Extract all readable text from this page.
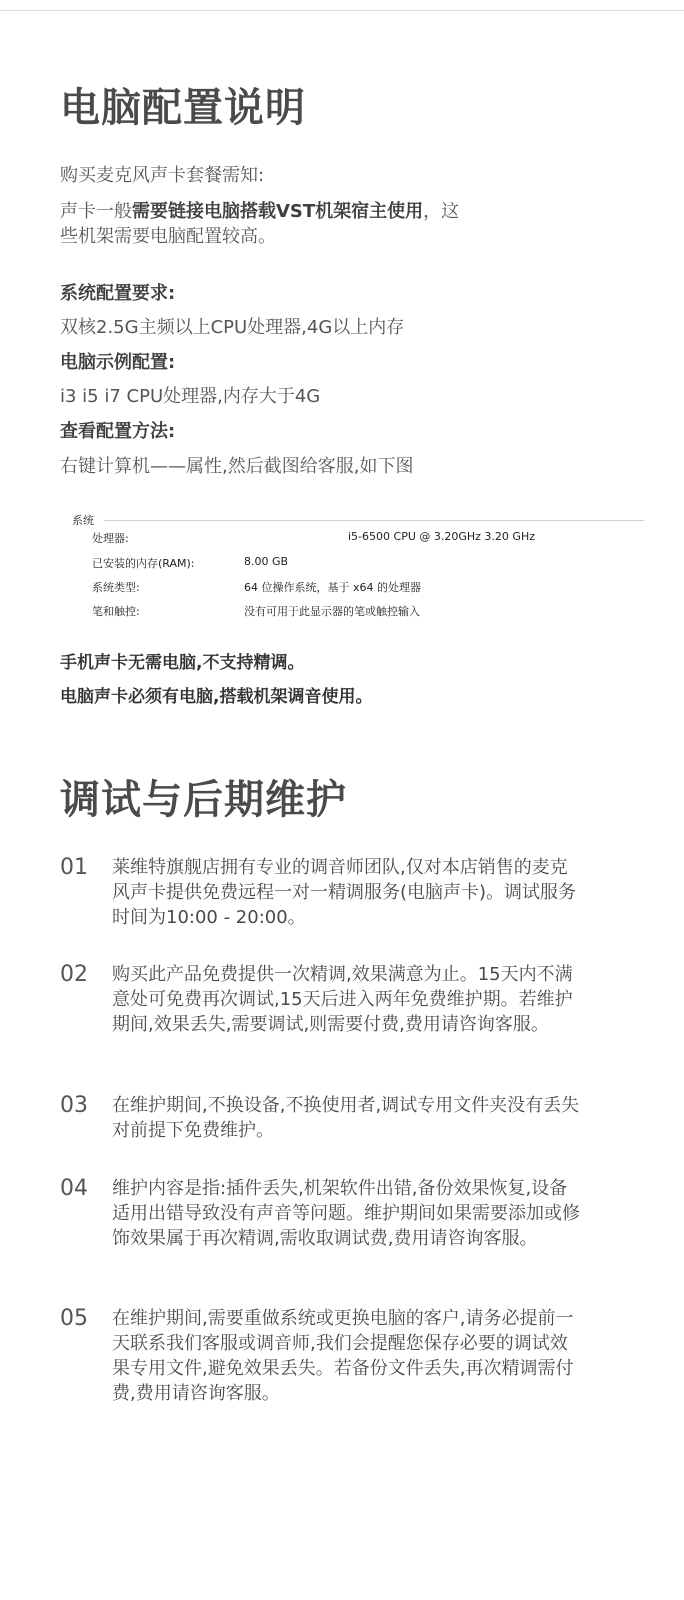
电脑配置说明
购买麦克风声卡套餐需知:
声卡一般需要链接电脑搭载VST机架宿主使用，这
些机架需要电脑配置较高。
系统配置要求:
双核2.5G主频以上CPU处理器,4G以上内存
电脑示例配置:
i3 i5 i7 CPU处理器,内存大于4G
查看配置方法:
右键计算机——属性,然后截图给客服,如下图
系统
处理器:	i5-6500 CPU @ 3.20GHz 3.20 GHz
已安装的内存(RAM):	8.00 GB
系统类型:	64 位操作系统，基于 x64 的处理器
笔和触控:	没有可用于此显示器的笔或触控输入
手机声卡无需电脑,不支持精调。
电脑声卡必须有电脑,搭载机架调音使用。
调试与后期维护
01 莱维特旗舰店拥有专业的调音师团队,仅对本店销售的麦克风声卡提供免费远程一对一精调服务(电脑声卡)。调试服务时间为10:00 - 20:00。
02 购买此产品免费提供一次精调,效果满意为止。15天内不满意处可免费再次调试,15天后进入两年免费维护期。若维护期间,效果丢失,需要调试,则需要付费,费用请咨询客服。
03 在维护期间,不换设备,不换使用者,调试专用文件夹没有丢失对前提下免费维护。
04 维护内容是指:插件丢失,机架软件出错,备份效果恢复,设备适用出错导致没有声音等问题。维护期间如果需要添加或修饰效果属于再次精调,需收取调试费,费用请咨询客服。
05 在维护期间,需要重做系统或更换电脑的客户,请务必提前一天联系我们客服或调音师,我们会提醒您保存必要的调试效果专用文件,避免效果丢失。若备份文件丢失,再次精调需付费,费用请咨询客服。
